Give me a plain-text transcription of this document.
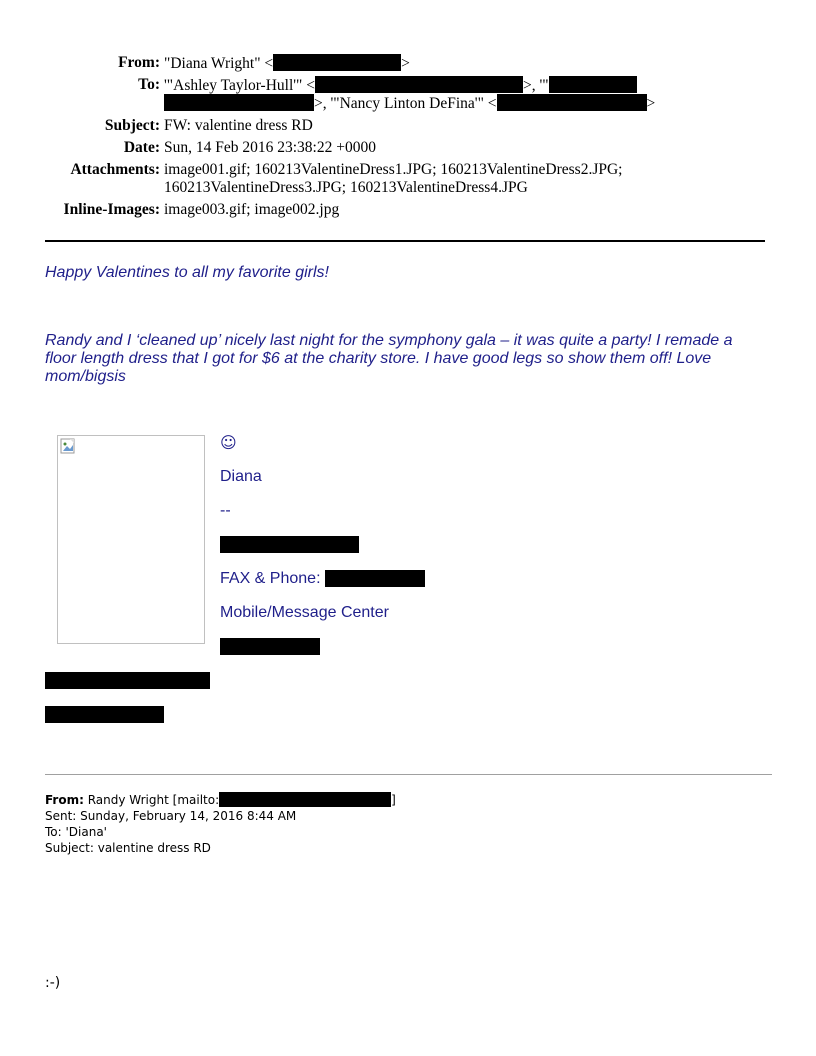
From: "Diana Wright" <	>
To: '"Ashley Taylor-Hull'" <	>, '"
>, '"Nancy Linton DeFina'" <	>
Subject: FW: valentine dress RD
Date: Sun, 14 Feb 2016 23:38:22 +0000
Attachments: image001.gif; 160213ValentineDress1.JPG; 160213ValentineDress2.JPG;
160213ValentineDress3.JPG; 160213ValentineDress4.JPG
Inline-Images: image003.gif; image002.jpg
Happy Valentines to all my favorite girls!
Randy and I ‘cleaned up’ nicely last night for the symphony gala – it was quite a party! I remade a floor length dress that I got for $6 at the charity store. I have good legs so show them off! Love mom/bigsis
☺
Diana
--
FAX & Phone:
Mobile/Message Center
From: Randy Wright [mailto:	]
Sent: Sunday, February 14, 2016 8:44 AM
To: 'Diana'
Subject: valentine dress RD
:-)
